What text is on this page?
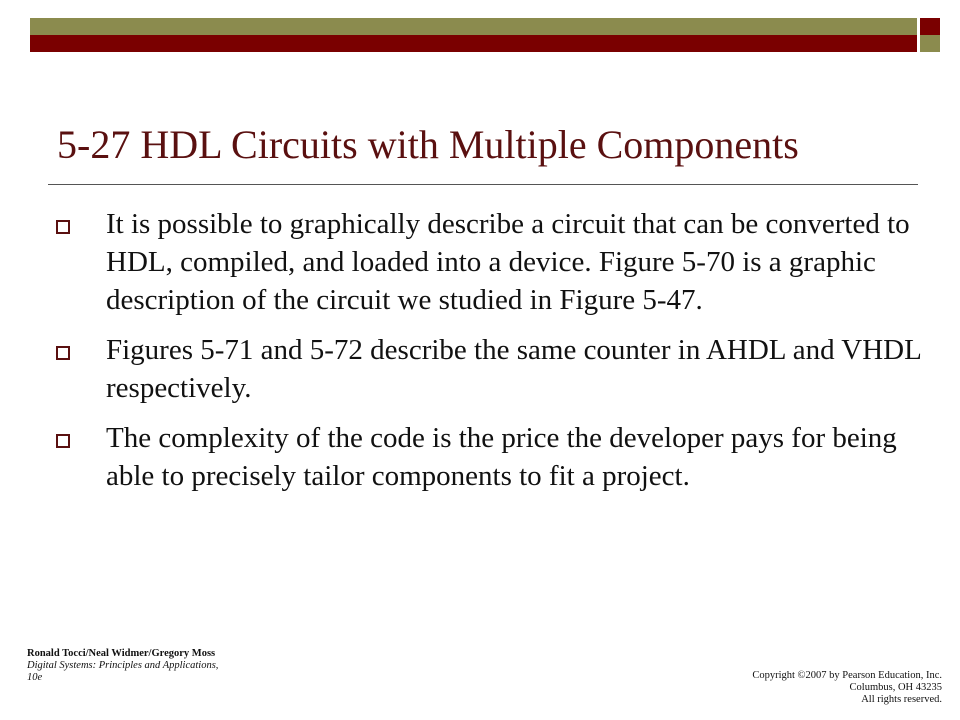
5-27 HDL Circuits with Multiple Components
It is possible to graphically describe a circuit that can be converted to HDL, compiled, and loaded into a device. Figure 5-70 is a graphic description of the circuit we studied in Figure 5-47.
Figures 5-71 and 5-72 describe the same counter in AHDL and VHDL respectively.
The complexity of the code is the price the developer pays for being able to precisely tailor components to fit a project.
Ronald Tocci/Neal Widmer/Gregory Moss
Digital Systems: Principles and Applications, 10e	Copyright ©2007 by Pearson Education, Inc.
Columbus, OH 43235
All rights reserved.
